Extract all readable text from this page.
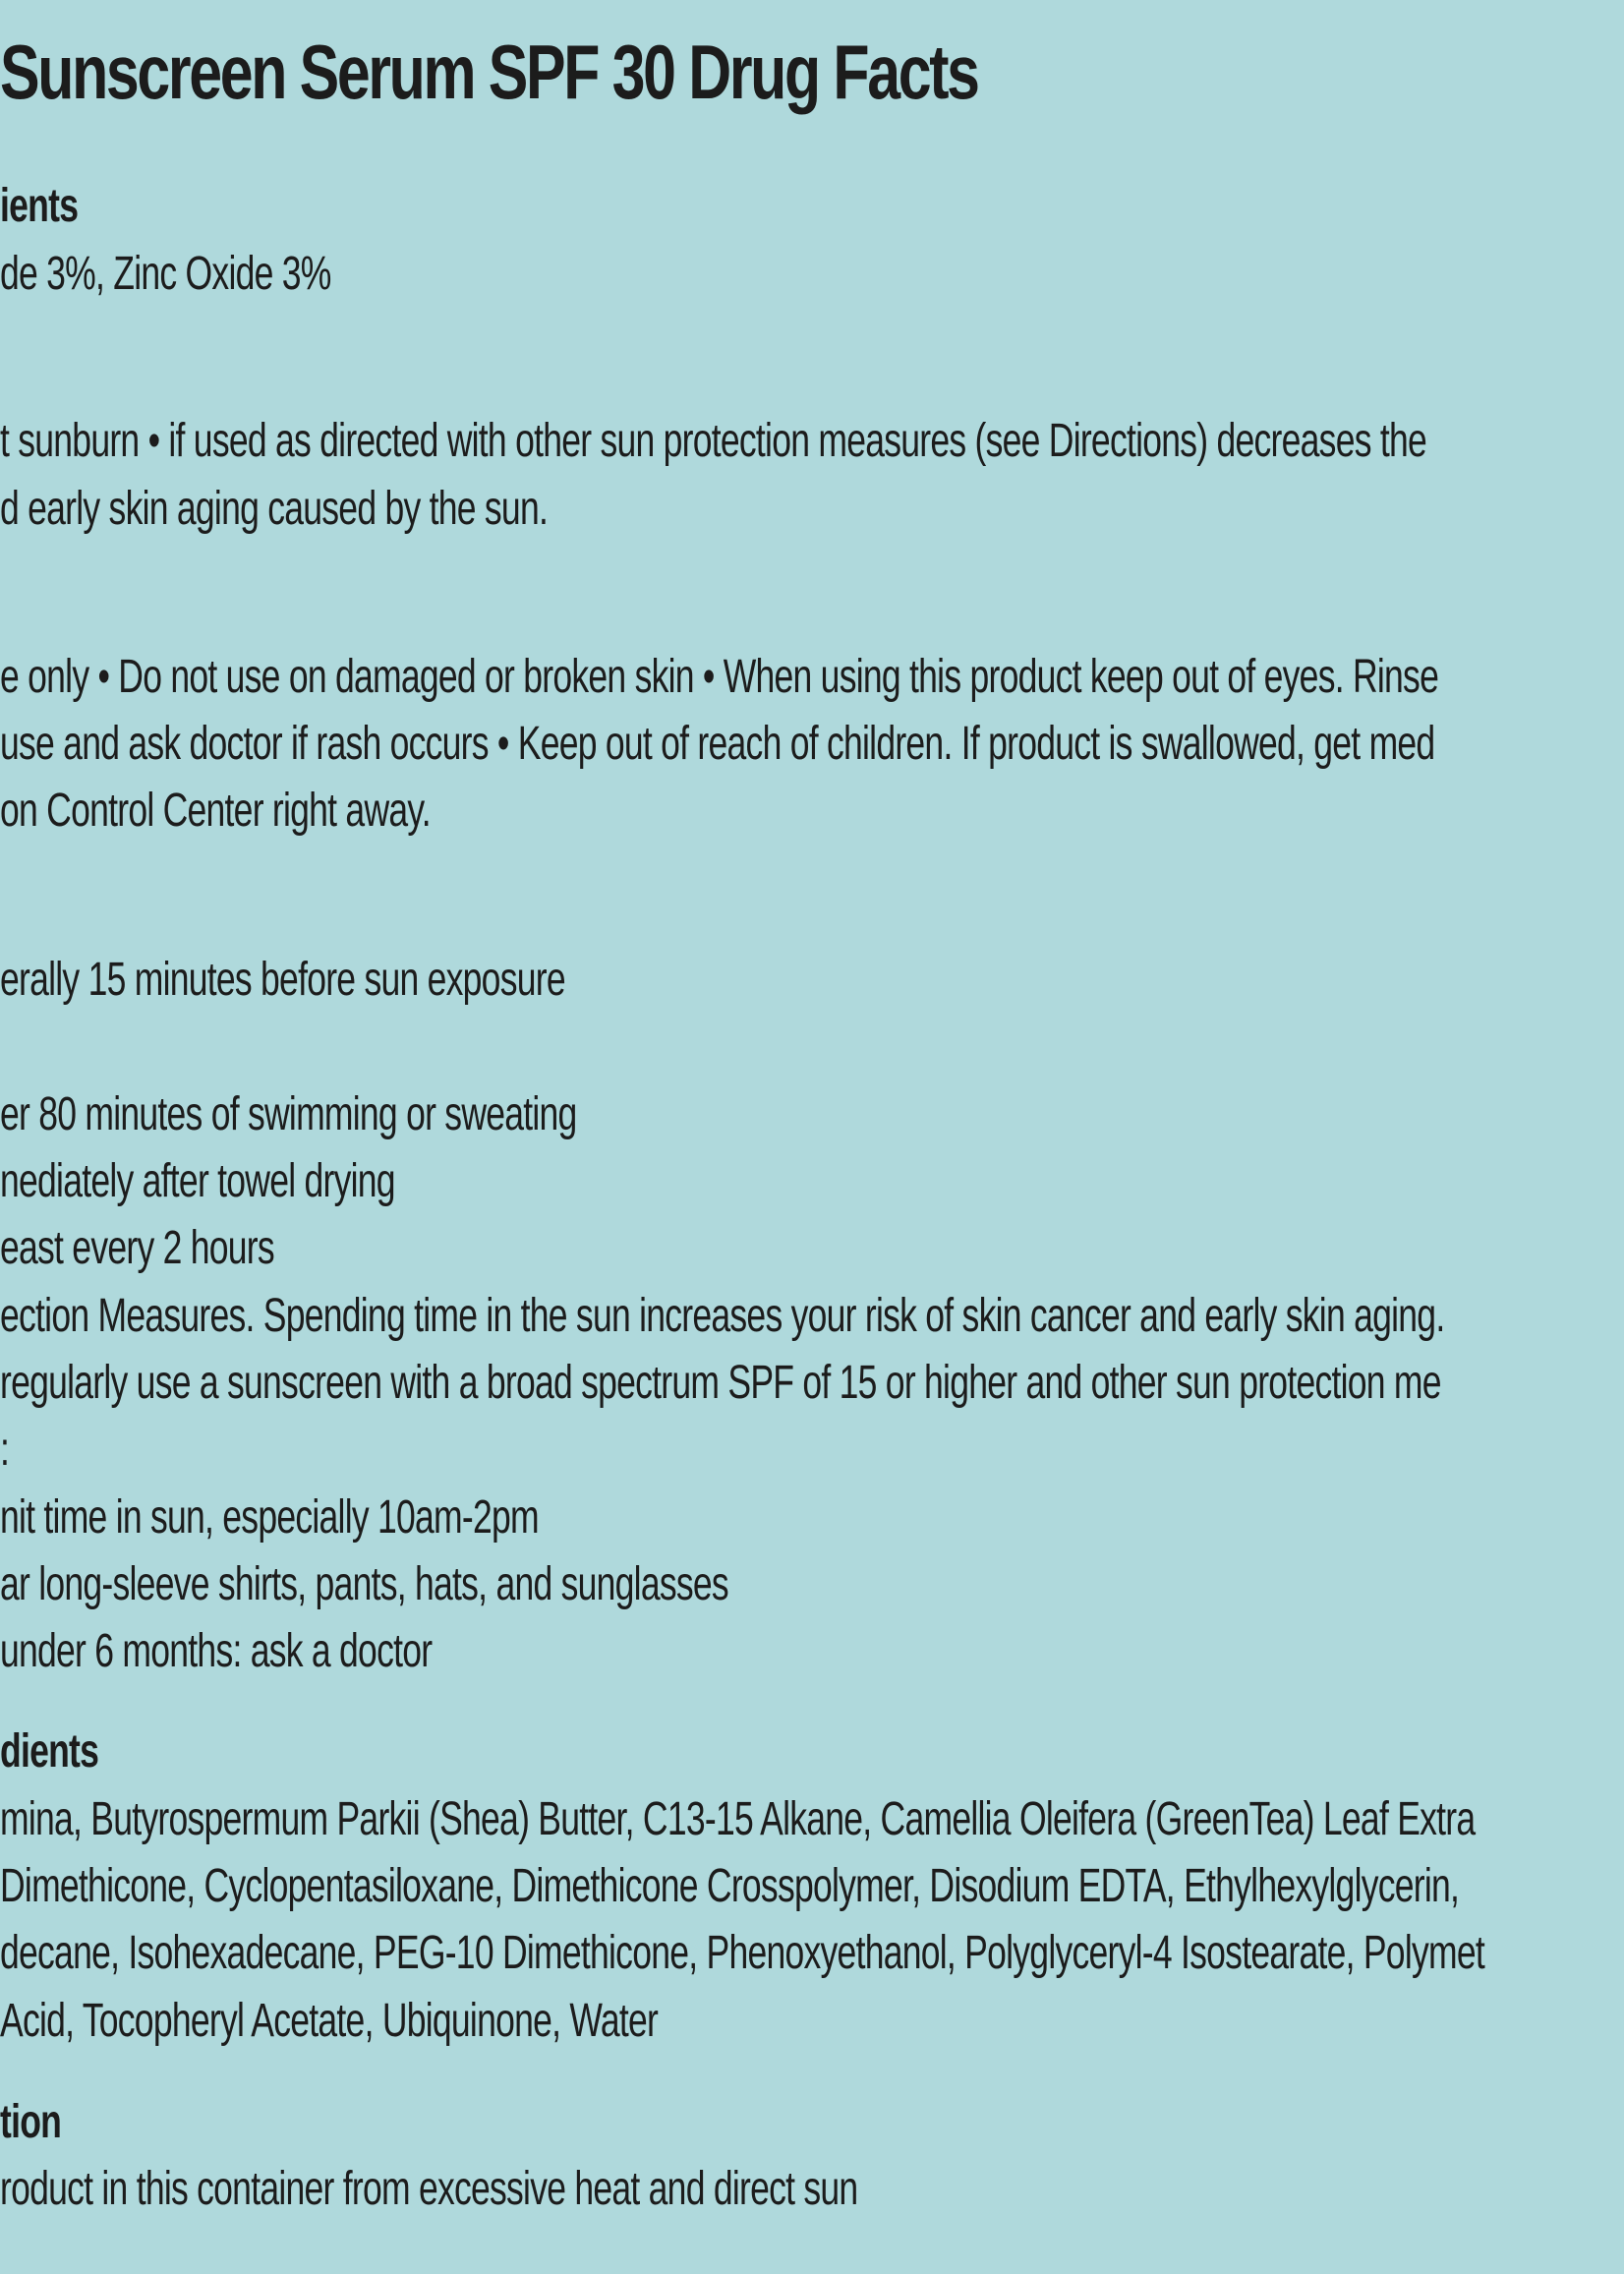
Sunscreen Serum SPF 30 Drug Facts

ients

de 3%, Zinc Oxide 3%

t sunburn • if used as directed with other sun protection measures (see Directions) decreases the

d early skin aging caused by the sun.

e only • Do not use on damaged or broken skin • When using this product keep out of eyes. Rinse

use and ask doctor if rash occurs • Keep out of reach of children. If product is swallowed, get med

on Control Center right away.

erally 15 minutes before sun exposure

er 80 minutes of swimming or sweating

nediately after towel drying

east every 2 hours

ection Measures. Spending time in the sun increases your risk of skin cancer and early skin aging.

regularly use a sunscreen with a broad spectrum SPF of 15 or higher and other sun protection me

:

nit time in sun, especially 10am-2pm

ar long-sleeve shirts, pants, hats, and sunglasses

under 6 months: ask a doctor

dients

mina, Butyrospermum Parkii (Shea) Butter, C13-15 Alkane, Camellia Oleifera (GreenTea) Leaf Extra

Dimethicone, Cyclopentasiloxane, Dimethicone Crosspolymer, Disodium EDTA, Ethylhexylglycerin,

decane, Isohexadecane, PEG-10 Dimethicone, Phenoxyethanol, Polyglyceryl-4 Isostearate, Polymet

Acid, Tocopheryl Acetate, Ubiquinone, Water

tion

roduct in this container from excessive heat and direct sun
